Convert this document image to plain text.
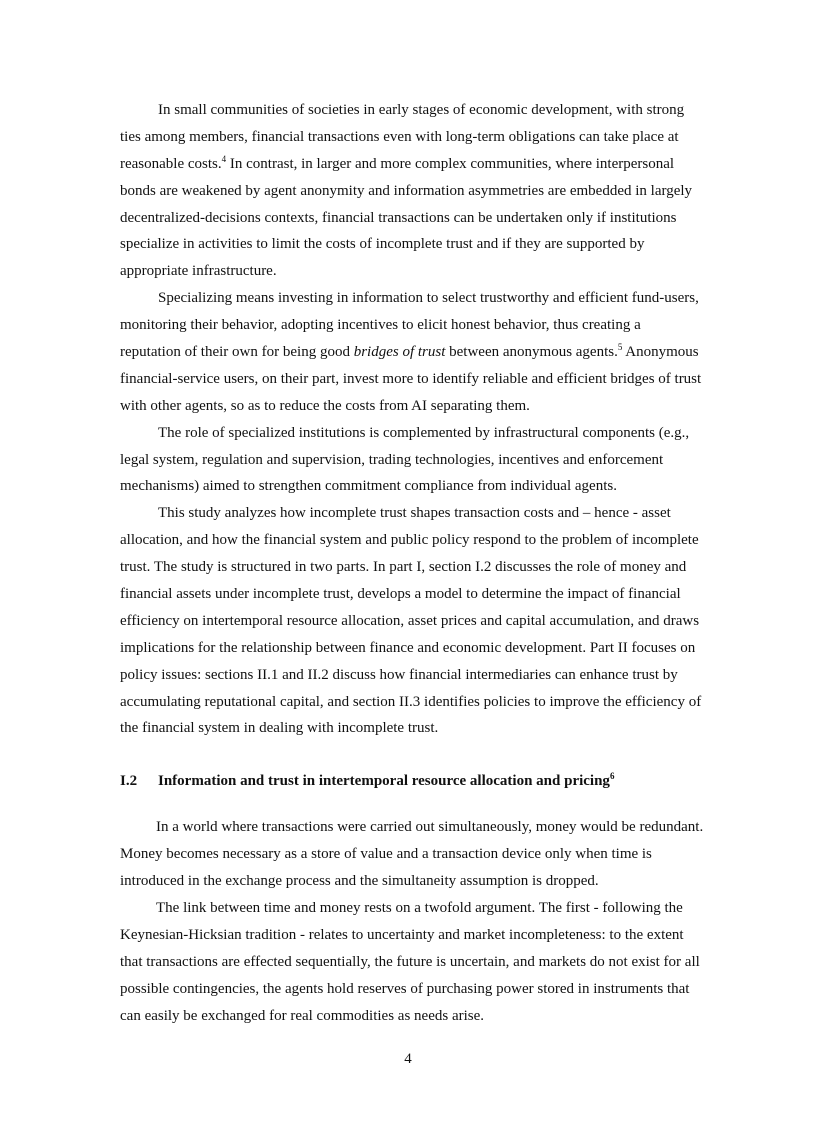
In small communities of societies in early stages of economic development, with strong
ties among members, financial transactions even with long-term obligations can take place at
reasonable costs.$^4$ In contrast, in larger and more complex communities, where interpersonal
bonds are weakened by agent anonymity and information asymmetries are embedded in largely
decentralized-decisions contexts, financial transactions can be undertaken only if institutions
specialize in activities to limit the costs of incomplete trust and if they are supported by
appropriate infrastructure.
Specializing means investing in information to select trustworthy and efficient fund-users,
monitoring their behavior, adopting incentives to elicit honest behavior, thus creating a
reputation of their own for being good bridges of trust between anonymous agents.$^5$ Anonymous
financial-service users, on their part, invest more to identify reliable and efficient bridges of trust
with other agents, so as to reduce the costs from AI separating them.
The role of specialized institutions is complemented by infrastructural components (e.g.,
legal system, regulation and supervision, trading technologies, incentives and enforcement
mechanisms) aimed to strengthen commitment compliance from individual agents.
This study analyzes how incomplete trust shapes transaction costs and – hence - asset
allocation, and how the financial system and public policy respond to the problem of incomplete
trust. The study is structured in two parts. In part I, section I.2 discusses the role of money and
financial assets under incomplete trust, develops a model to determine the impact of financial
efficiency on intertemporal resource allocation, asset prices and capital accumulation, and draws
implications for the relationship between finance and economic development. Part II focuses on
policy issues: sections II.1 and II.2 discuss how financial intermediaries can enhance trust by
accumulating reputational capital, and section II.3 identifies policies to improve the efficiency of
the financial system in dealing with incomplete trust.
I.2 Information and trust in intertemporal resource allocation and pricing$^6$
In a world where transactions were carried out simultaneously, money would be redundant.
Money becomes necessary as a store of value and a transaction device only when time is
introduced in the exchange process and the simultaneity assumption is dropped.
The link between time and money rests on a twofold argument. The first - following the
Keynesian-Hicksian tradition - relates to uncertainty and market incompleteness: to the extent
that transactions are effected sequentially, the future is uncertain, and markets do not exist for all
possible contingencies, the agents hold reserves of purchasing power stored in instruments that
can easily be exchanged for real commodities as needs arise.
4
